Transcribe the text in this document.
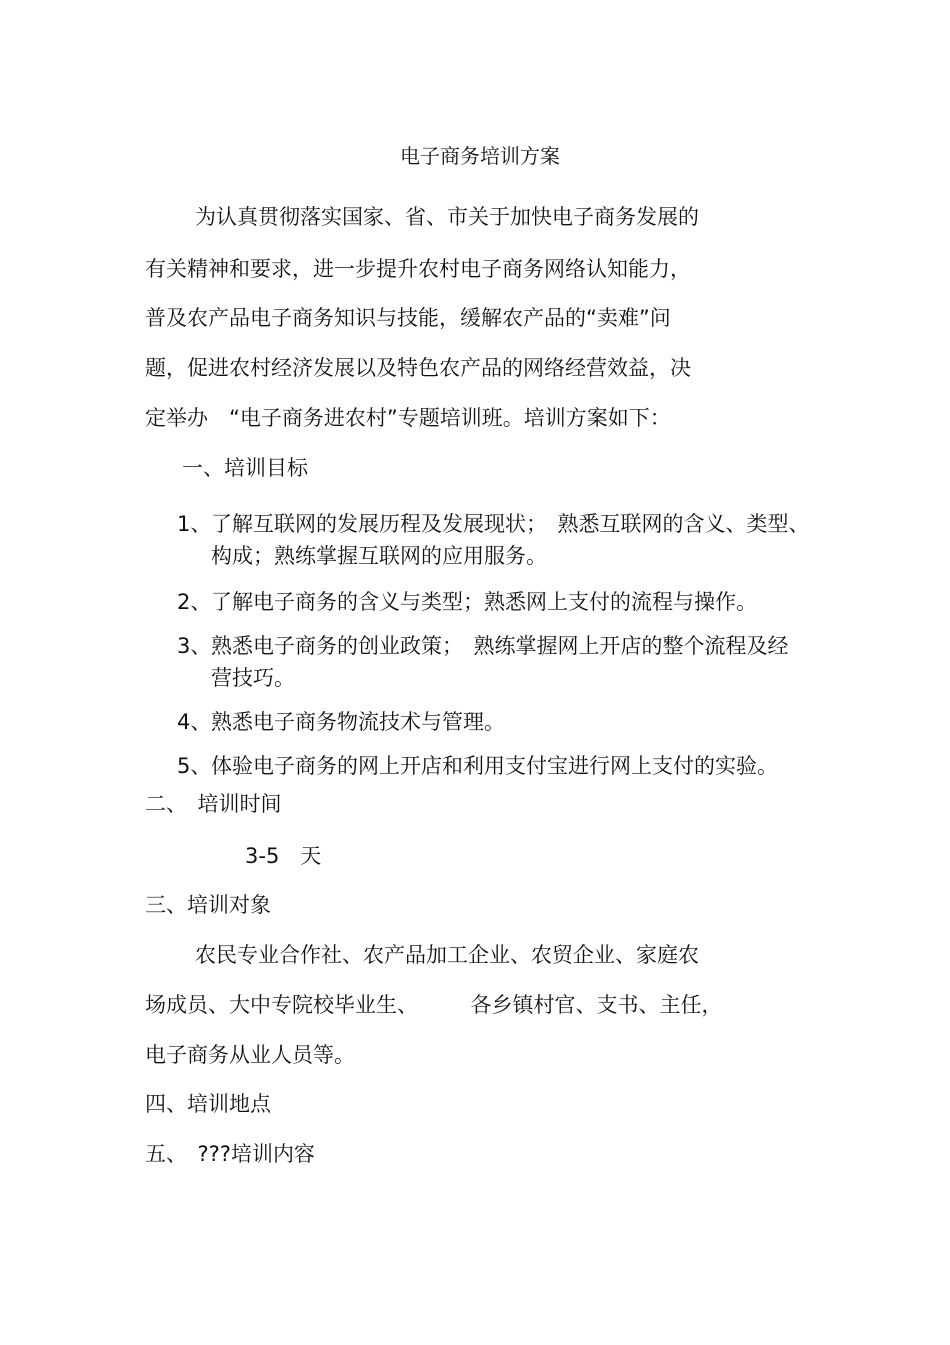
电子商务培训方案
为认真贯彻落实国家、省、市关于加快电子商务发展的
有关精神和要求，进一步提升农村电子商务网络认知能力，
普及农产品电子商务知识与技能，缓解农产品的“卖难”问
题，促进农村经济发展以及特色农产品的网络经营效益，决
定举办　“电子商务进农村”专题培训班。培训方案如下：
一、培训目标
1、了解互联网的发展历程及发展现状；　熟悉互联网的含义、类型、
构成；熟练掌握互联网的应用服务。
2、了解电子商务的含义与类型；熟悉网上支付的流程与操作。
3、熟悉电子商务的创业政策；　熟练掌握网上开店的整个流程及经
营技巧。
4、熟悉电子商务物流技术与管理。
5、体验电子商务的网上开店和利用支付宝进行网上支付的实验。
二、　培训时间
3-5　天
三、培训对象
农民专业合作社、农产品加工企业、农贸企业、家庭农
场成员、大中专院校毕业生、　　　各乡镇村官、支书、主任，
电子商务从业人员等。
四、培训地点
五、　???培训内容
